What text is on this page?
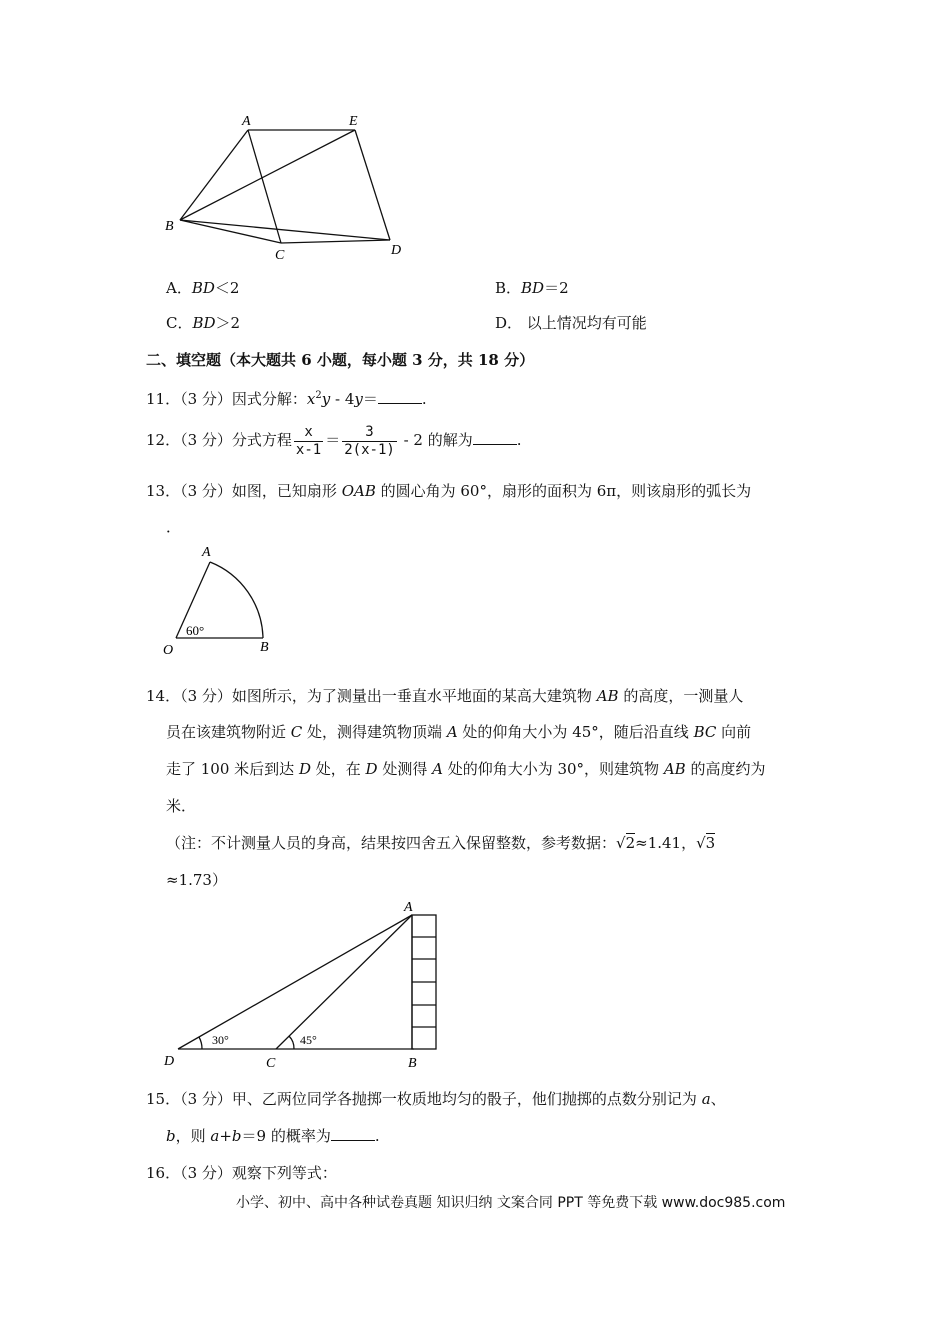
A	E
B
C	D
A．BD＜2	B．BD＝2
C．BD＞2	D． 以上情况均有可能
二、填空题（本大题共 6 小题，每小题 3 分，共 18 分）
11．（3 分）因式分解：$x^2y - 4y=$	.
12．（3 分）分式方程 $\frac{x}{x-1} = \frac{3}{2(x-1)} - 2$ 的解为	.
13．（3 分）如图，已知扇形 OAB 的圆心角为 60°，扇形的面积为 6π，则该扇形的弧长为
．
A
O	B
60°
14．（3 分）如图所示，为了测量出一垂直水平地面的某高大建筑物 AB 的高度，一测量人
员在该建筑物附近 C 处，测得建筑物顶端 A 处的仰角大小为 45°，随后沿直线 BC 向前
走了 100 米后到达 D 处，在 D 处测得 A 处的仰角大小为 30°，则建筑物 AB 的高度约为
米．
（注：不计测量人员的身高，结果按四舍五入保留整数，参考数据：√2≈1.41，√3
≈1.73）
A
D	C	B
30°	45°
15．（3 分）甲、乙两位同学各抛掷一枚质地均匀的骰子，他们抛掷的点数分别记为 a、
b，则 a+b＝9 的概率为	.
16．（3 分）观察下列等式：
小学、初中、高中各种试卷真题 知识归纳 文案合同 PPT 等免费下载 www.doc985.com
